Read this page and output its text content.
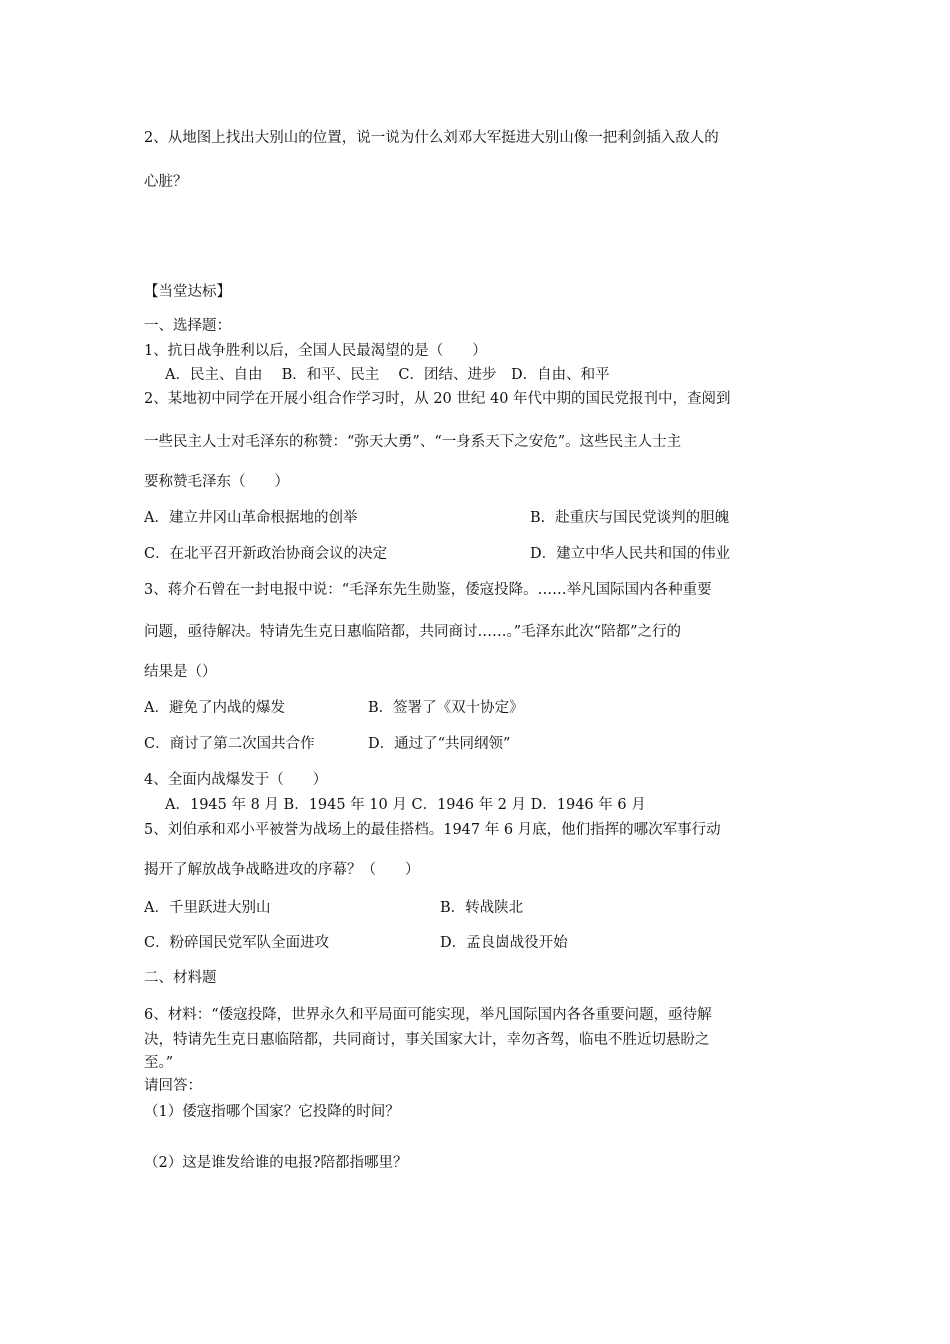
2、从地图上找出大别山的位置，说一说为什么刘邓大军挺进大别山像一把利剑插入敌人的
心脏？
【当堂达标】
一、选择题：
1、抗日战争胜利以后，全国人民最渴望的是（　　）
A．民主、自由　 B．和平、民主　 C．团结、进步　D．自由、和平
2、某地初中同学在开展小组合作学习时，从 20 世纪 40 年代中期的国民党报刊中，查阅到
一些民主人士对毛泽东的称赞：“弥天大勇”、“一身系天下之安危”。这些民主人士主
要称赞毛泽东（　　）
A．建立井冈山革命根据地的创举	B．赴重庆与国民党谈判的胆魄
C．在北平召开新政治协商会议的决定	D．建立中华人民共和国的伟业
3、蒋介石曾在一封电报中说：“毛泽东先生勋鉴，倭寇投降。……举凡国际国内各种重要
问题，亟待解决。特请先生克日惠临陪都，共同商讨……。”毛泽东此次“陪都”之行的
结果是（）
A．避免了内战的爆发	B．签署了《双十协定》
C．商讨了第二次国共合作	D．通过了“共同纲领”
4、全面内战爆发于（　　）
A．1945 年 8 月 B．1945 年 10 月 C．1946 年 2 月 D．1946 年 6 月
5、刘伯承和邓小平被誉为战场上的最佳搭档。1947 年 6 月底，他们指挥的哪次军事行动
揭开了解放战争战略进攻的序幕？（　　）
A．千里跃进大别山	B．转战陕北
C．粉碎国民党军队全面进攻	D．孟良崮战役开始
二、材料题
6、材料：“倭寇投降，世界永久和平局面可能实现，举凡国际国内各各重要问题，亟待解
决，特请先生克日惠临陪都，共同商讨，事关国家大计，幸勿吝驾，临电不胜近切悬盼之
至。”
请回答：
（1）倭寇指哪个国家？它投降的时间？
（2）这是谁发给谁的电报?陪都指哪里？
